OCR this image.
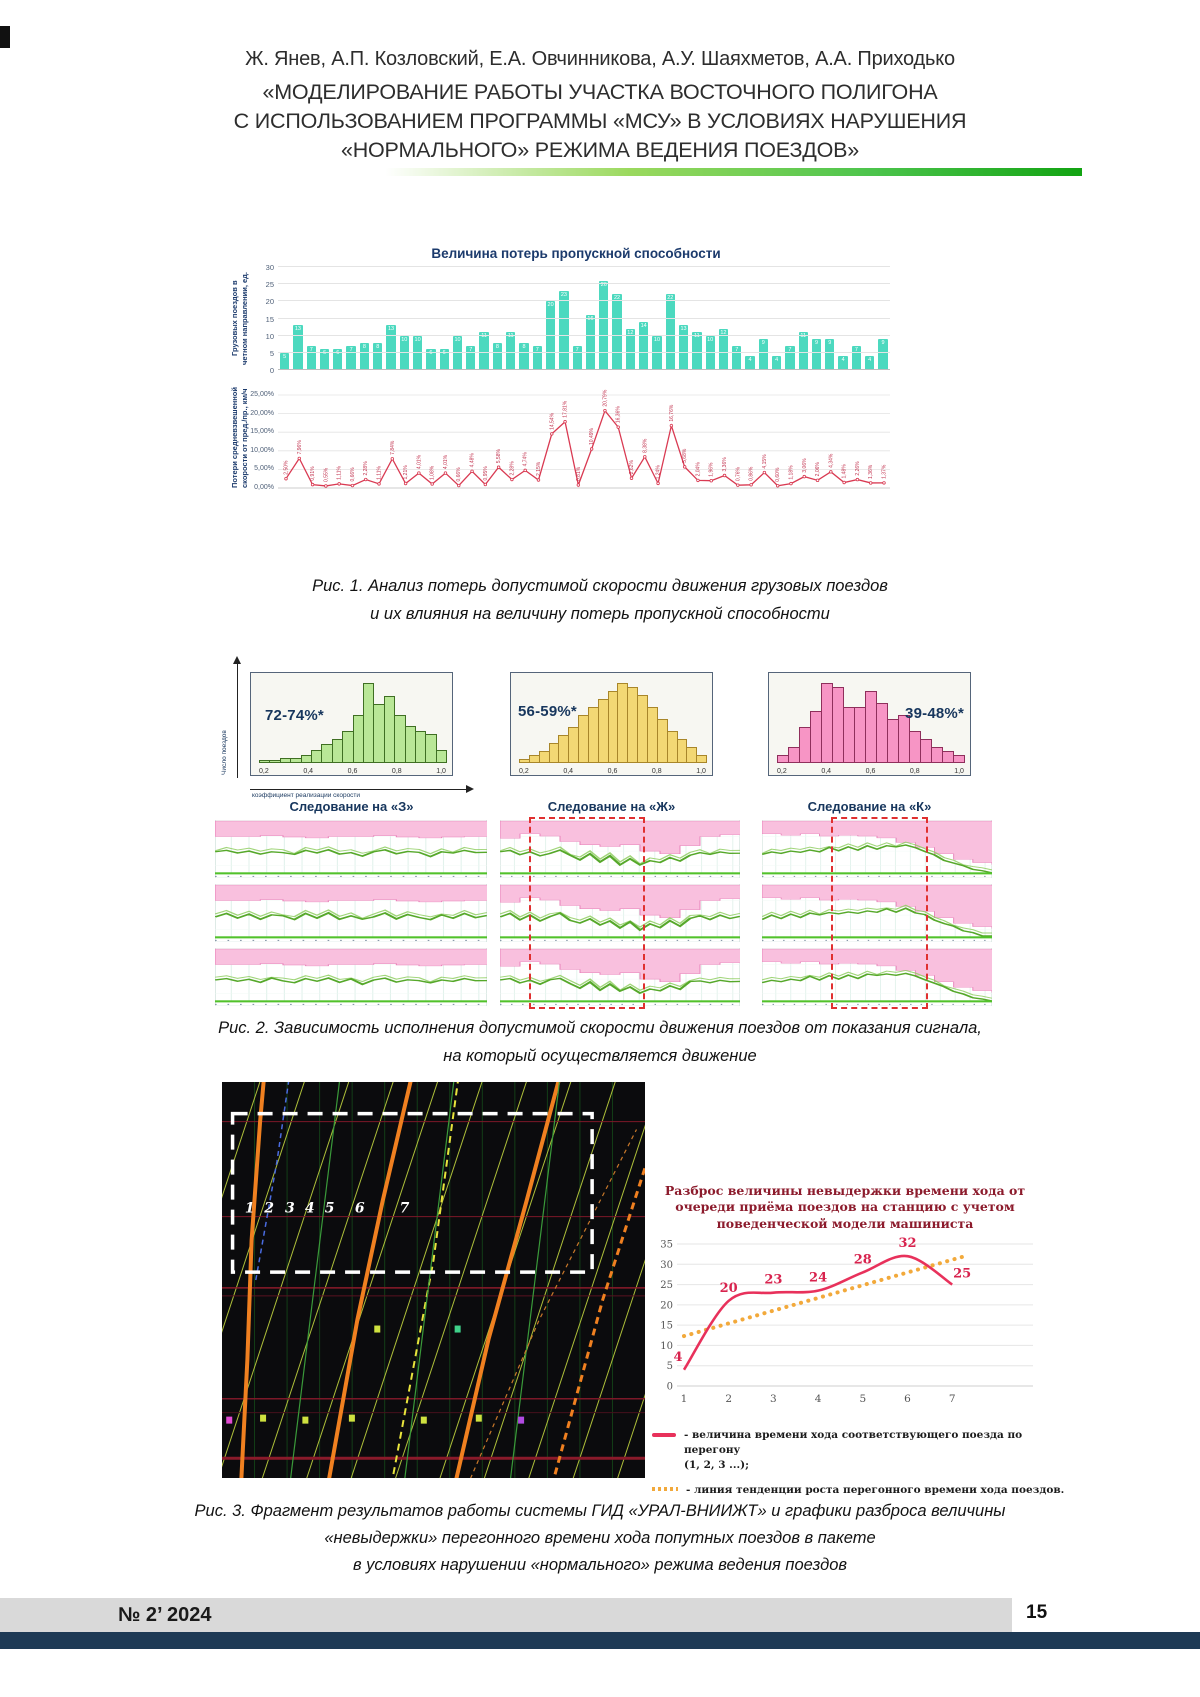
Ж. Янев, А.П. Козловский, Е.А. Овчинникова, А.У. Шаяхметов, А.А. Приходько
«МОДЕЛИРОВАНИЕ РАБОТЫ УЧАСТКА ВОСТОЧНОГО ПОЛИГОНА
С ИСПОЛЬЗОВАНИЕМ ПРОГРАММЫ «МСУ» В УСЛОВИЯХ НАРУШЕНИЯ
«НОРМАЛЬНОГО» РЕЖИМА ВЕДЕНИЯ ПОЕЗДОВ»
Величина потерь пропускной способности
Грузовых поездов в четном направлении, ед.	5
13
7
6	6
7
8	8
13
10 10
6	6
10
7
11
8
11
8
7
20
23
7
16
26
22
12
14
10
22
13
11
10
12
7
4
9
4
7
11
9	9
4
7
4
9
Потери средневзвешенной скорости от пред./пр., км/ч	2,50%
7,96%
0,91% 0,55% 1,11% 0,66% 2,28% 1,11%
7,84%
1,21%
4,01%
1,08%
4,01%
0,66%
4,48%
0,95%
5,58%
2,28%
4,74%
2,15%
14,54%
17,81%
0,81%
10,49%
20,79%
16,36%
2,62%
8,38%
1,24%
16,76%
5,68%
2,04% 1,96% 3,36%
0,76% 0,86%
4,15%
0,60% 1,18% 3,06% 2,06%
4,34%
1,48% 2,26% 1,36% 1,37%
0
5
10
15
20
25
30
0,00%
5,00%
10,00%
15,00%
20,00%
25,00%
Рис. 1. Анализ потерь допустимой скорости движения грузовых поездов
и их влияния на величину потерь пропускной способности
коэффициент реализации скорости
Число поездов	0,2	0,4	0,6	0,8	1,0
72-74%*
0,2	0,4	0,6	0,8	1,0
56-59%*
0,2	0,4	0,6	0,8	1,0
39-48%*
Следование на «З»	Следование на «Ж»	Следование на «К»
Рис. 2. Зависимость исполнения допустимой скорости движения поездов от показания сигнала,
на который осуществляется движение
1 2 3 4 5 6	7
Разброс величины невыдержки времени хода от
очереди приёма поездов на станцию с учетом
поведенческой модели машиниста
0
5
10
15
20
25
30
35
1	2	3	4	5	6	7
4
20
23 24
28
32
25
- величина времени хода соответствующего поезда по перегону
(1, 2, 3 ...);
- линия тенденции роста перегонного времени хода поездов.
Рис. 3. Фрагмент результатов работы системы ГИД «УРАЛ-ВНИИЖТ» и графики разброса величины
«невыдержки» перегонного времени хода попутных поездов в пакете
в условиях нарушении «нормального» режима ведения поездов
№ 2’ 2024	15
